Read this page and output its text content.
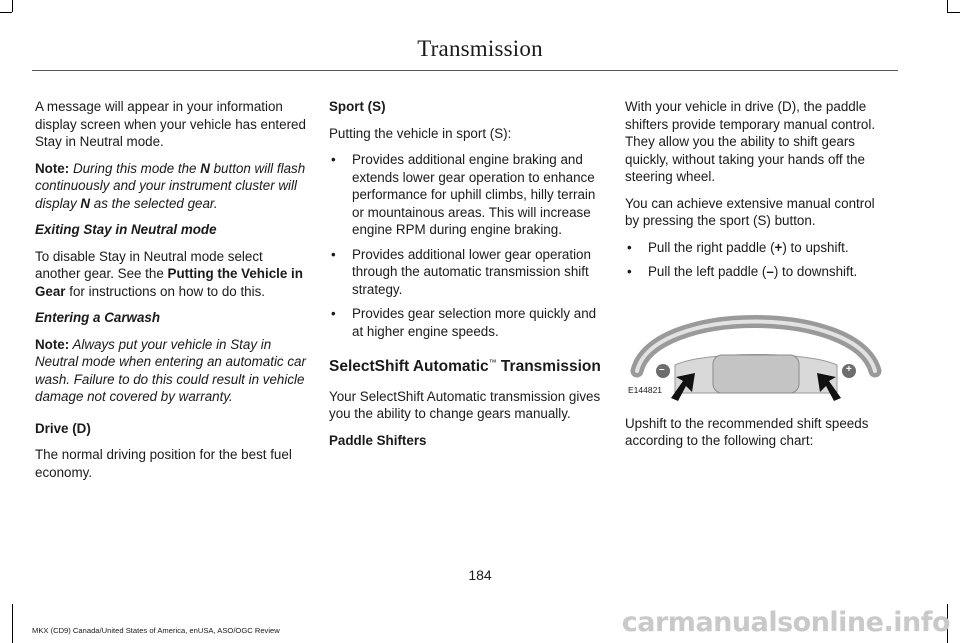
Transmission

A message will appear in your information display screen when your vehicle has entered Stay in Neutral mode.

Note: During this mode the N button will flash continuously and your instrument cluster will display N as the selected gear.

Exiting Stay in Neutral mode

To disable Stay in Neutral mode select another gear. See the Putting the Vehicle in Gear for instructions on how to do this.

Entering a Carwash

Note: Always put your vehicle in Stay in Neutral mode when entering an automatic car wash. Failure to do this could result in vehicle damage not covered by warranty.

Drive (D)

The normal driving position for the best fuel economy.

Sport (S)

Putting the vehicle in sport (S):

• Provides additional engine braking and extends lower gear operation to enhance performance for uphill climbs, hilly terrain or mountainous areas. This will increase engine RPM during engine braking.
• Provides additional lower gear operation through the automatic transmission shift strategy.
• Provides gear selection more quickly and at higher engine speeds.
SelectShift Automatic™ Transmission

Your SelectShift Automatic transmission gives you the ability to change gears manually.

Paddle Shifters

With your vehicle in drive (D), the paddle shifters provide temporary manual control. They allow you the ability to shift gears quickly, without taking your hands off the steering wheel.

You can achieve extensive manual control by pressing the sport (S) button.

• Pull the right paddle (+) to upshift.
• Pull the left paddle (–) to downshift.
–	+
E144821

Upshift to the recommended shift speeds according to the following chart:

184
MKX (CD9) Canada/United States of America, enUSA, ASO/OGC Review	carmanualsonline.info
